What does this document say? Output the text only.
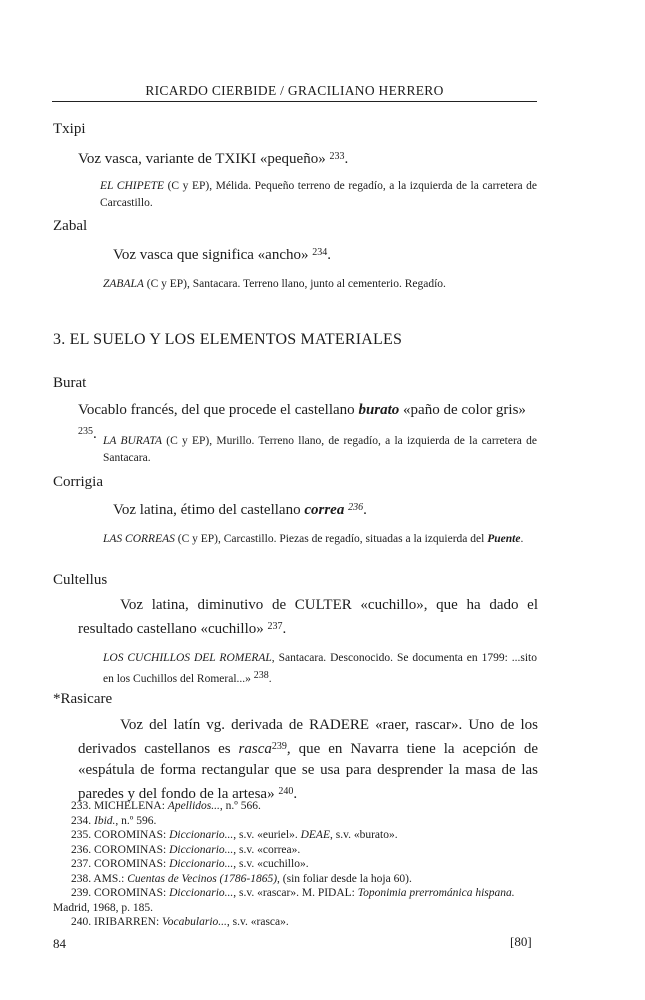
RICARDO CIERBIDE / GRACILIANO HERRERO
Txipi
Voz vasca, variante de TXIKI «pequeño» $^{233}$.
EL CHIPETE (C y EP), Mélida. Pequeño terreno de regadío, a la izquierda de la carretera de Carcastillo.
Zabal
Voz vasca que significa «ancho» $^{234}$.
ZABALA (C y EP), Santacara. Terreno llano, junto al cementerio. Regadío.
3. EL SUELO Y LOS ELEMENTOS MATERIALES
Burat
Vocablo francés, del que procede el castellano burato «paño de color gris» $^{235}$. LA BURATA (C y EP), Murillo. Terreno llano, de regadío, a la izquierda de la carretera de Santacara.
Corrigia
Voz latina, étimo del castellano correa $^{236}$.
LAS CORREAS (C y EP), Carcastillo. Piezas de regadío, situadas a la izquierda del Puente.
Cultellus
Voz latina, diminutivo de CULTER «cuchillo», que ha dado el resultado castellano «cuchillo» $^{237}$.
LOS CUCHILLOS DEL ROMERAL, Santacara. Desconocido. Se documenta en 1799: ...sito en los Cuchillos del Romeral...» $^{238}$.
*Rasicare
Voz del latín vg. derivada de RADERE «raer, rascar». Uno de los derivados castellanos es rasca$^{239}$, que en Navarra tiene la acepción de «espátula de forma rectangular que se usa para desprender la masa de las paredes y del fondo de la artesa» $^{240}$.
233. MICHELENA: Apellidos..., n.º 566.
234. Ibid., n.º 596.
235. COROMINAS: Diccionario..., s.v. «euriel». DEAE, s.v. «burato».
236. COROMINAS: Diccionario..., s.v. «correa».
237. COROMINAS: Diccionario..., s.v. «cuchillo».
238. AMS.: Cuentas de Vecinos (1786-1865), (sin foliar desde la hoja 60).
239. COROMINAS: Diccionario..., s.v. «rascar». M. PIDAL: Toponimia prerrománica hispana.
Madrid, 1968, p. 185.
240. IRIBARREN: Vocabulario..., s.v. «rasca».
84	[80]
